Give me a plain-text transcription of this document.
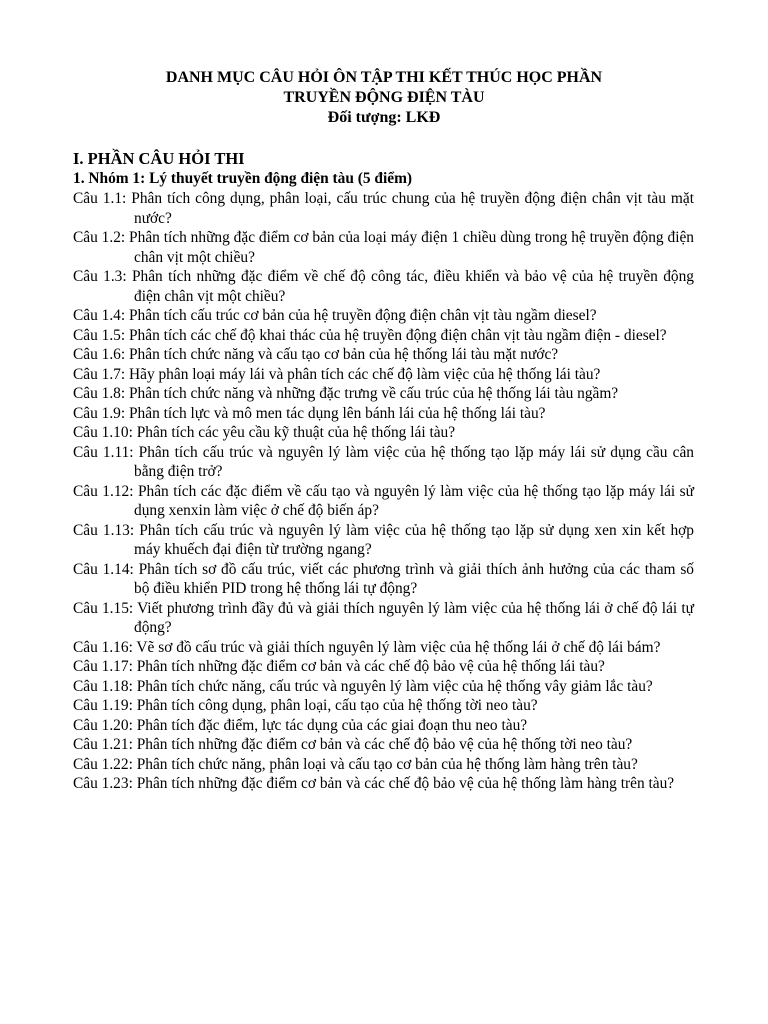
DANH MỤC CÂU HỎI ÔN TẬP THI KẾT THÚC HỌC PHẦN
TRUYỀN ĐỘNG ĐIỆN TÀU
Đối tượng: LKĐ
I. PHẦN CÂU HỎI THI
1. Nhóm 1: Lý thuyết truyền động điện tàu (5 điểm)
Câu 1.1: Phân tích công dụng, phân loại, cấu trúc chung của hệ truyền động điện chân vịt tàu mặt nước?
Câu 1.2: Phân tích những đặc điểm cơ bản của loại máy điện 1 chiều dùng trong hệ truyền động điện chân vịt một chiều?
Câu 1.3: Phân tích những đặc điểm về chế độ công tác, điều khiển và bảo vệ của hệ truyền động điện chân vịt một chiều?
Câu 1.4: Phân tích cấu trúc cơ bản của hệ truyền động điện chân vịt tàu ngầm diesel?
Câu 1.5: Phân tích các chế độ khai thác của hệ truyền động điện chân vịt tàu ngầm điện - diesel?
Câu 1.6: Phân tích chức năng và cấu tạo cơ bản của hệ thống lái tàu mặt nước?
Câu 1.7: Hãy phân loại máy lái và phân tích các chế độ làm việc của hệ thống lái tàu?
Câu 1.8: Phân tích chức năng và những đặc trưng về cấu trúc của hệ thống lái tàu ngầm?
Câu 1.9: Phân tích lực và mô men tác dụng lên bánh lái của hệ thống lái tàu?
Câu 1.10: Phân tích các yêu cầu kỹ thuật của hệ thống lái tàu?
Câu 1.11: Phân tích cấu trúc và nguyên lý làm việc của hệ thống tạo lặp máy lái sử dụng cầu cân bằng điện trở?
Câu 1.12: Phân tích các đặc điểm về cấu tạo và nguyên lý làm việc của hệ thống tạo lặp máy lái sử dụng xenxin làm việc ở chế độ biến áp?
Câu 1.13: Phân tích cấu trúc và nguyên lý làm việc của hệ thống tạo lặp sử dụng xen xin kết hợp máy khuếch đại điện từ trường ngang?
Câu 1.14: Phân tích sơ đồ cấu trúc, viết các phương trình và giải thích ảnh hưởng của các tham số bộ điều khiển PID trong hệ thống lái tự động?
Câu 1.15: Viết phương trình đầy đủ và giải thích nguyên lý làm việc của hệ thống lái ở chế độ lái tự động?
Câu 1.16: Vẽ sơ đồ cấu trúc và giải thích nguyên lý làm việc của hệ thống lái ở chế độ lái bám?
Câu 1.17: Phân tích những đặc điểm cơ bản và các chế độ bảo vệ của hệ thống lái tàu?
Câu 1.18: Phân tích chức năng, cấu trúc và nguyên lý làm việc của hệ thống vây giảm lắc tàu?
Câu 1.19: Phân tích công dụng, phân loại, cấu tạo của hệ thống tời neo tàu?
Câu 1.20: Phân tích đặc điểm, lực tác dụng của các giai đoạn thu neo tàu?
Câu 1.21: Phân tích những đặc điểm cơ bản và các chế độ bảo vệ của hệ thống tời neo tàu?
Câu 1.22: Phân tích chức năng, phân loại và cấu tạo cơ bản của hệ thống làm hàng trên tàu?
Câu 1.23: Phân tích những đặc điểm cơ bản và các chế độ bảo vệ của hệ thống làm hàng trên tàu?
